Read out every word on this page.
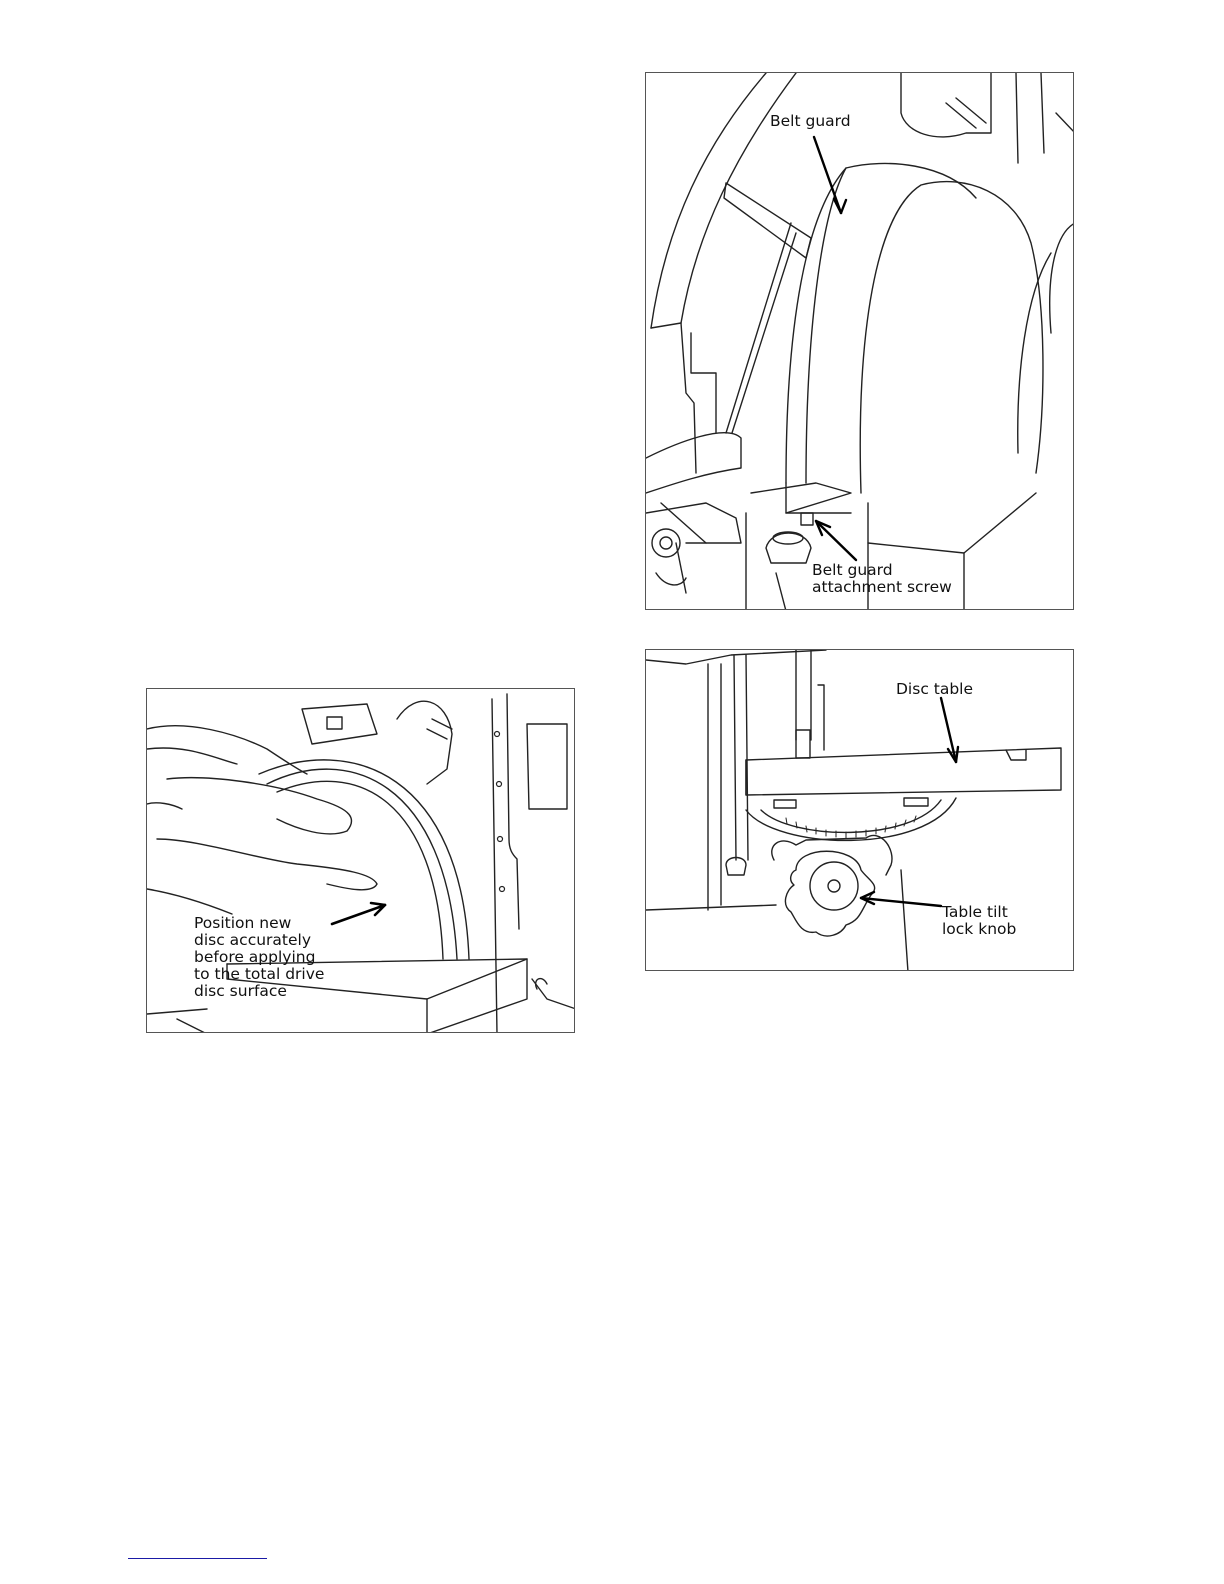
Belt guard
Belt guard
attachment screw
Disc table
Table tilt
lock knob
Position new
disc accurately
before applying
to the total drive
disc surface
